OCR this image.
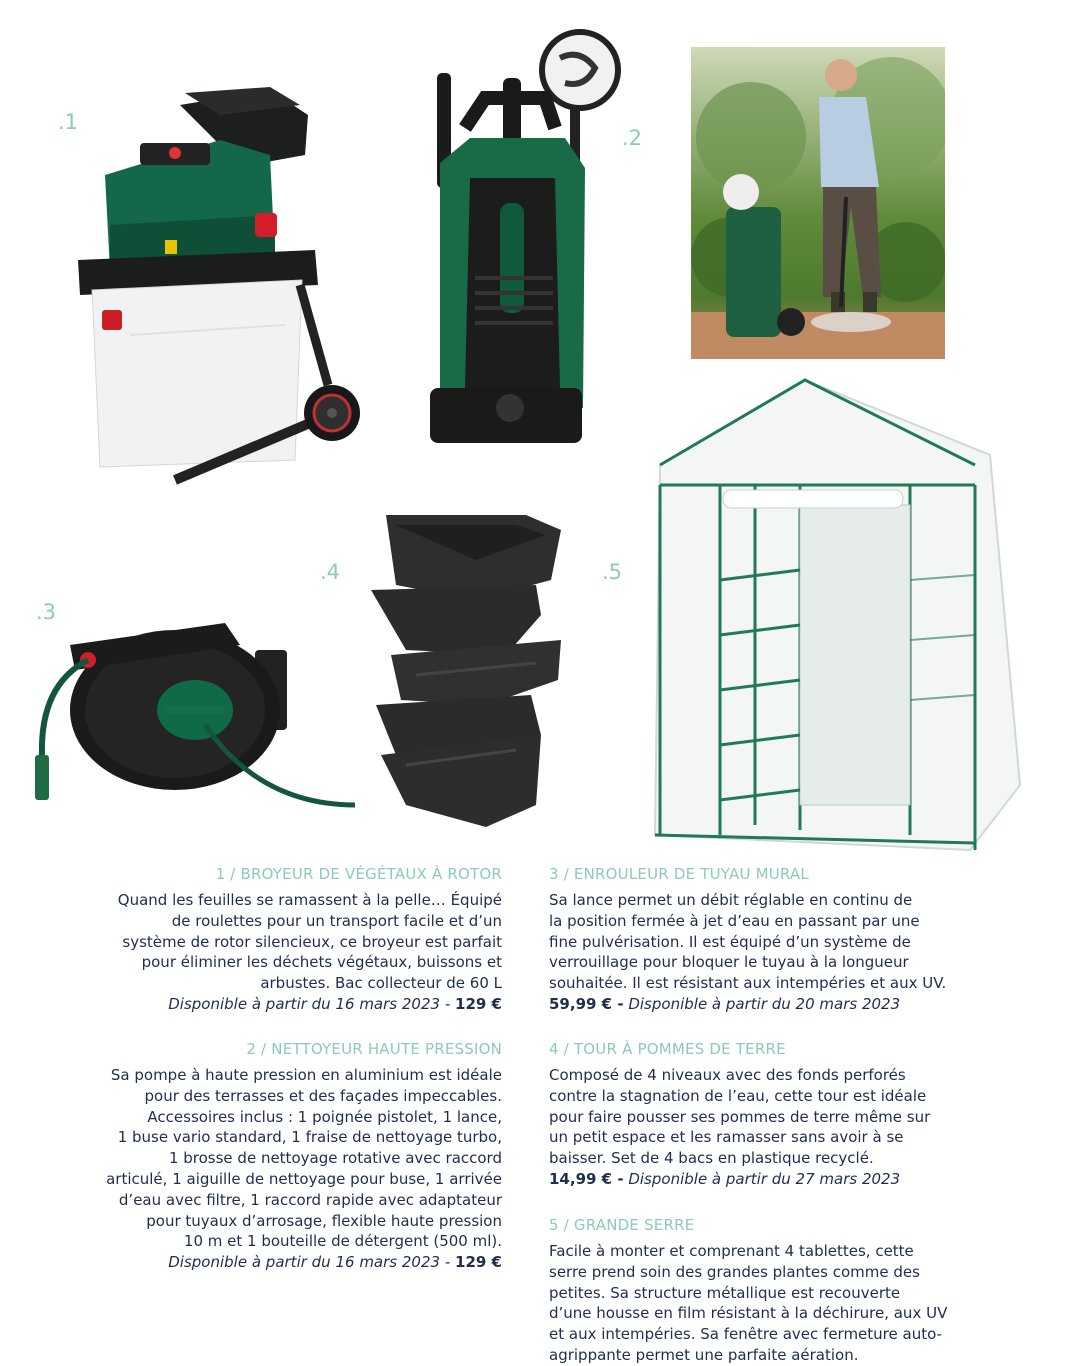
.1
.2
.3
.4	.5
1 / BROYEUR DE VÉGÉTAUX À ROTOR
Quand les feuilles se ramassent à la pelle… Équipé
de roulettes pour un transport facile et d’un
système de rotor silencieux, ce broyeur est parfait
pour éliminer les déchets végétaux, buissons et
arbustes. Bac collecteur de 60 L
Disponible à partir du 16 mars 2023 - 129 €
2 / NETTOYEUR HAUTE PRESSION
Sa pompe à haute pression en aluminium est idéale
pour des terrasses et des façades impeccables.
Accessoires inclus : 1 poignée pistolet, 1 lance,
1 buse vario standard, 1 fraise de nettoyage turbo,
1 brosse de nettoyage rotative avec raccord
articulé, 1 aiguille de nettoyage pour buse, 1 arrivée
d’eau avec filtre, 1 raccord rapide avec adaptateur
pour tuyaux d’arrosage, flexible haute pression
10 m et 1 bouteille de détergent (500 ml).
Disponible à partir du 16 mars 2023 - 129 €
3 / ENROULEUR DE TUYAU MURAL
Sa lance permet un débit réglable en continu de
la position fermée à jet d’eau en passant par une
fine pulvérisation. Il est équipé d’un système de
verrouillage pour bloquer le tuyau à la longueur
souhaitée. Il est résistant aux intempéries et aux UV.
59,99 € - Disponible à partir du 20 mars 2023
4 / TOUR À POMMES DE TERRE
Composé de 4 niveaux avec des fonds perforés
contre la stagnation de l’eau, cette tour est idéale
pour faire pousser ses pommes de terre même sur
un petit espace et les ramasser sans avoir à se
baisser. Set de 4 bacs en plastique recyclé.
14,99 € - Disponible à partir du 27 mars 2023
5 / GRANDE SERRE
Facile à monter et comprenant 4 tablettes, cette
serre prend soin des grandes plantes comme des
petites. Sa structure métallique est recouverte
d’une housse en film résistant à la déchirure, aux UV
et aux intempéries. Sa fenêtre avec fermeture auto-
agrippante permet une parfaite aération.
